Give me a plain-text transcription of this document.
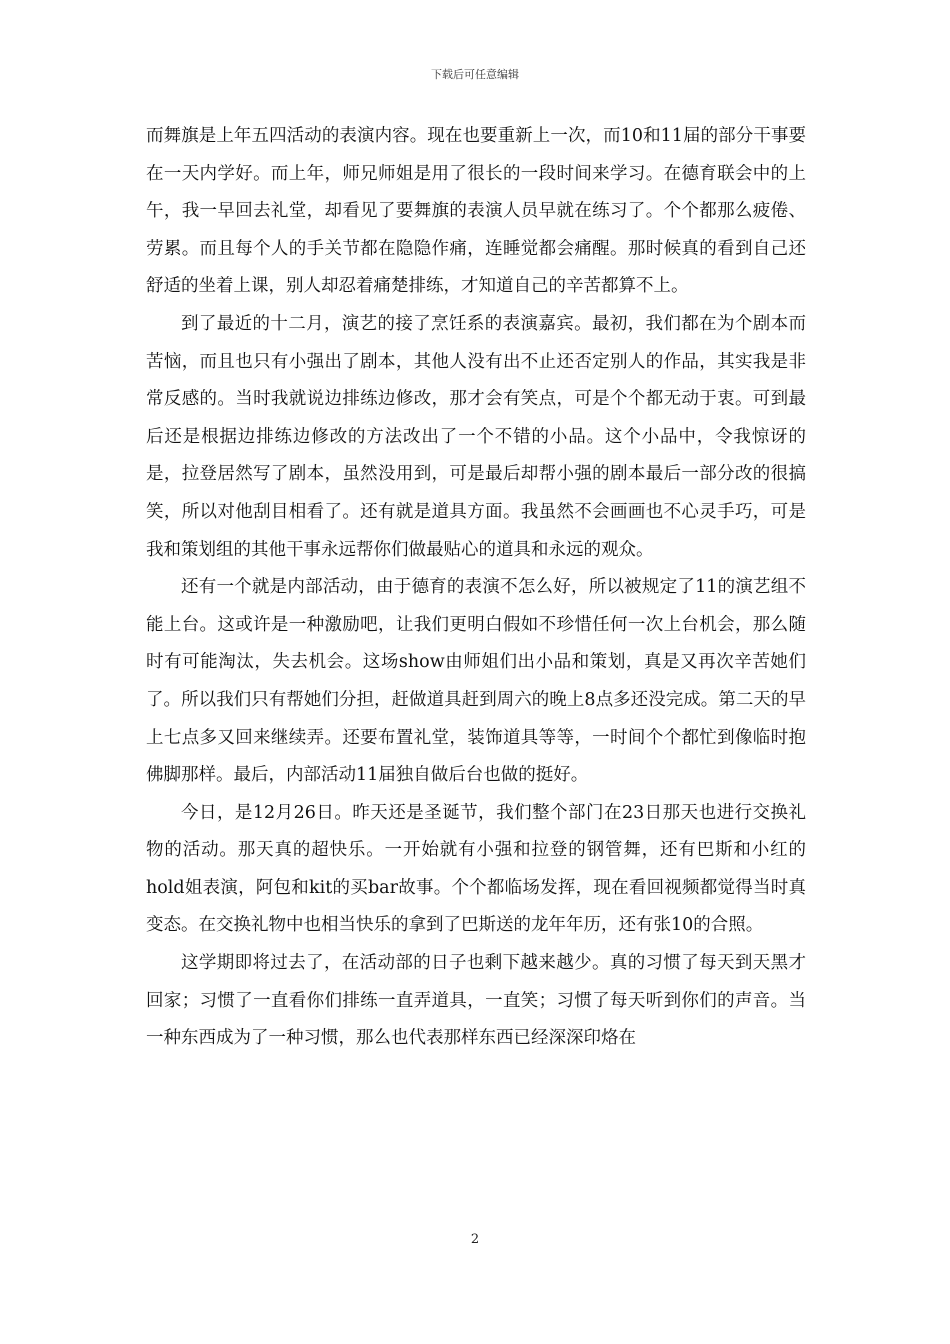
下载后可任意编辑

而舞旗是上年五四活动的表演内容。现在也要重新上一次，而10和11届的部分干事要在一天内学好。而上年，师兄师姐是用了很长的一段时间来学习。在德育联会中的上午，我一早回去礼堂，却看见了要舞旗的表演人员早就在练习了。个个都那么疲倦、劳累。而且每个人的手关节都在隐隐作痛，连睡觉都会痛醒。那时候真的看到自己还舒适的坐着上课，别人却忍着痛楚排练，才知道自己的辛苦都算不上。

到了最近的十二月，演艺的接了烹饪系的表演嘉宾。最初，我们都在为个剧本而苦恼，而且也只有小强出了剧本，其他人没有出不止还否定别人的作品，其实我是非常反感的。当时我就说边排练边修改，那才会有笑点，可是个个都无动于衷。可到最后还是根据边排练边修改的方法改出了一个不错的小品。这个小品中，令我惊讶的是，拉登居然写了剧本，虽然没用到，可是最后却帮小强的剧本最后一部分改的很搞笑，所以对他刮目相看了。还有就是道具方面。我虽然不会画画也不心灵手巧，可是我和策划组的其他干事永远帮你们做最贴心的道具和永远的观众。

还有一个就是内部活动，由于德育的表演不怎么好，所以被规定了11的演艺组不能上台。这或许是一种激励吧，让我们更明白假如不珍惜任何一次上台机会，那么随时有可能淘汰，失去机会。这场show由师姐们出小品和策划，真是又再次辛苦她们了。所以我们只有帮她们分担，赶做道具赶到周六的晚上8点多还没完成。第二天的早上七点多又回来继续弄。还要布置礼堂，装饰道具等等，一时间个个都忙到像临时抱佛脚那样。最后，内部活动11届独自做后台也做的挺好。

今日，是12月26日。昨天还是圣诞节，我们整个部门在23日那天也进行交换礼物的活动。那天真的超快乐。一开始就有小强和拉登的钢管舞，还有巴斯和小红的hold姐表演，阿包和kit的买bar故事。个个都临场发挥，现在看回视频都觉得当时真变态。在交换礼物中也相当快乐的拿到了巴斯送的龙年年历，还有张10的合照。

这学期即将过去了，在活动部的日子也剩下越来越少。真的习惯了每天到天黑才回家；习惯了一直看你们排练一直弄道具，一直笑；习惯了每天听到你们的声音。当一种东西成为了一种习惯，那么也代表那样东西已经深深印烙在

2
